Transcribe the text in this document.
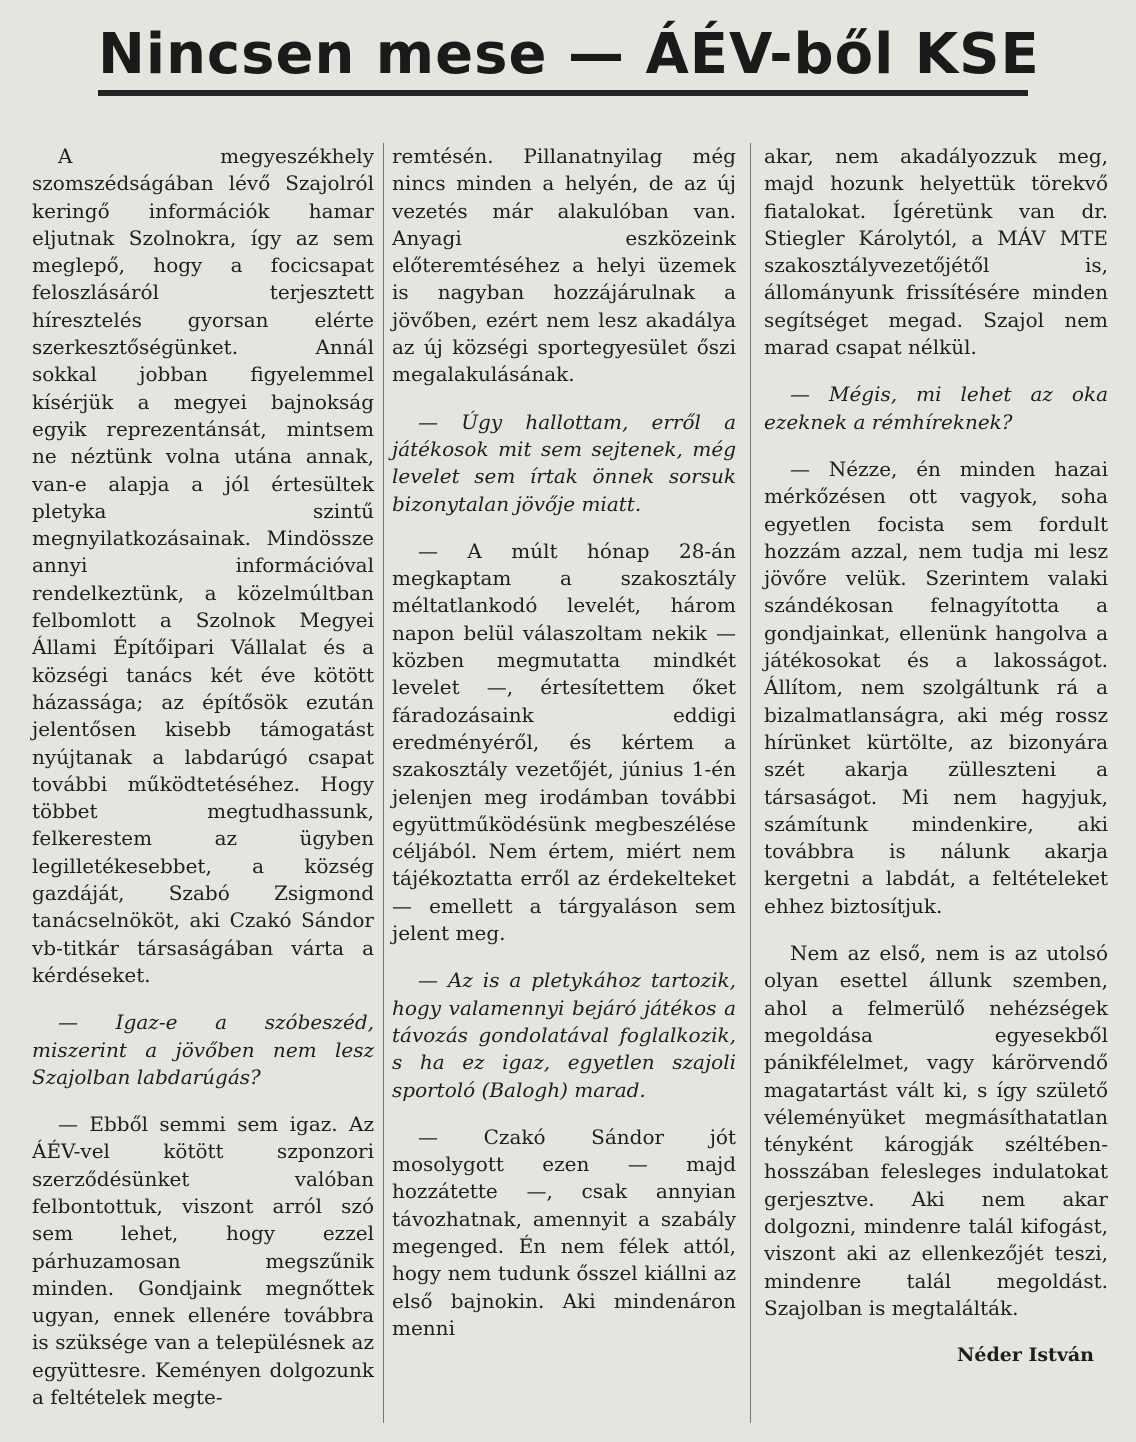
Nincsen mese — ÁÉV-ből KSE

A megyeszékhely szomszédságában lévő Szajolról keringő információk hamar eljutnak Szolnokra, így az sem meglepő, hogy a focicsapat feloszlásáról terjesztett híresztelés gyorsan elérte szerkesztőségünket. Annál sokkal jobban figyelemmel kísérjük a megyei bajnokság egyik reprezentánsát, mintsem ne néztünk volna utána annak, van-e alapja a jól értesültek pletyka szintű megnyilatkozásainak. Mindössze annyi információval rendelkeztünk, a közelmúltban felbomlott a Szolnok Megyei Állami Építőipari Vállalat és a községi tanács két éve kötött házassága; az építősök ezután jelentősen kisebb támogatást nyújtanak a labdarúgó csapat további működtetéséhez. Hogy többet megtudhassunk, felkerestem az ügyben legilletékesebbet, a község gazdáját, Szabó Zsigmond tanácselnököt, aki Czakó Sándor vb-titkár társaságában várta a kérdéseket.

— Igaz-e a szóbeszéd, miszerint a jövőben nem lesz Szajolban labdarúgás?

— Ebből semmi sem igaz. Az ÁÉV-vel kötött szponzori szerződésünket valóban felbontottuk, viszont arról szó sem lehet, hogy ezzel párhuzamosan megszűnik minden. Gondjaink megnőttek ugyan, ennek ellenére továbbra is szüksége van a településnek az együttesre. Keményen dolgozunk a feltételek megte-

remtésén. Pillanatnyilag még nincs minden a helyén, de az új vezetés már alakulóban van. Anyagi eszközeink előteremtéséhez a helyi üzemek is nagyban hozzájárulnak a jövőben, ezért nem lesz akadálya az új községi sportegyesület őszi megalakulásának.

— Úgy hallottam, erről a játékosok mit sem sejtenek, még levelet sem írtak önnek sorsuk bizonytalan jövője miatt.

— A múlt hónap 28-án megkaptam a szakosztály méltatlankodó levelét, három napon belül válaszoltam nekik — közben megmutatta mindkét levelet —, értesítettem őket fáradozásaink eddigi eredményéről, és kértem a szakosztály vezetőjét, június 1-én jelenjen meg irodámban további együttműködésünk megbeszélése céljából. Nem értem, miért nem tájékoztatta erről az érdekelteket — emellett a tárgyaláson sem jelent meg.

— Az is a pletykához tartozik, hogy valamennyi bejáró játékos a távozás gondolatával foglalkozik, s ha ez igaz, egyetlen szajoli sportoló (Balogh) marad.

— Czakó Sándor jót mosolygott ezen — majd hozzátette —, csak annyian távozhatnak, amennyit a szabály megenged. Én nem félek attól, hogy nem tudunk ősszel kiállni az első bajnokin. Aki mindenáron menni

akar, nem akadályozzuk meg, majd hozunk helyettük törekvő fiatalokat. Ígéretünk van dr. Stiegler Károlytól, a MÁV MTE szakosztályvezetőjétől is, állományunk frissítésére minden segítséget megad. Szajol nem marad csapat nélkül.

— Mégis, mi lehet az oka ezeknek a rémhíreknek?

— Nézze, én minden hazai mérkőzésen ott vagyok, soha egyetlen focista sem fordult hozzám azzal, nem tudja mi lesz jövőre velük. Szerintem valaki szándékosan felnagyította a gondjainkat, ellenünk hangolva a játékosokat és a lakosságot. Állítom, nem szolgáltunk rá a bizalmatlanságra, aki még rossz hírünket kürtölte, az bizonyára szét akarja zülleszteni a társaságot. Mi nem hagyjuk, számítunk mindenkire, aki továbbra is nálunk akarja kergetni a labdát, a feltételeket ehhez biztosítjuk.

Nem az első, nem is az utolsó olyan esettel állunk szemben, ahol a felmerülő nehézségek megoldása egyesekből pánikfélelmet, vagy kárörvendő magatartást vált ki, s így születő véleményüket megmásíthatatlan tényként károgják széltében-hosszában felesleges indulatokat gerjesztve. Aki nem akar dolgozni, mindenre talál kifogást, viszont aki az ellenkezőjét teszi, mindenre talál megoldást. Szajolban is megtalálták.

Néder István
